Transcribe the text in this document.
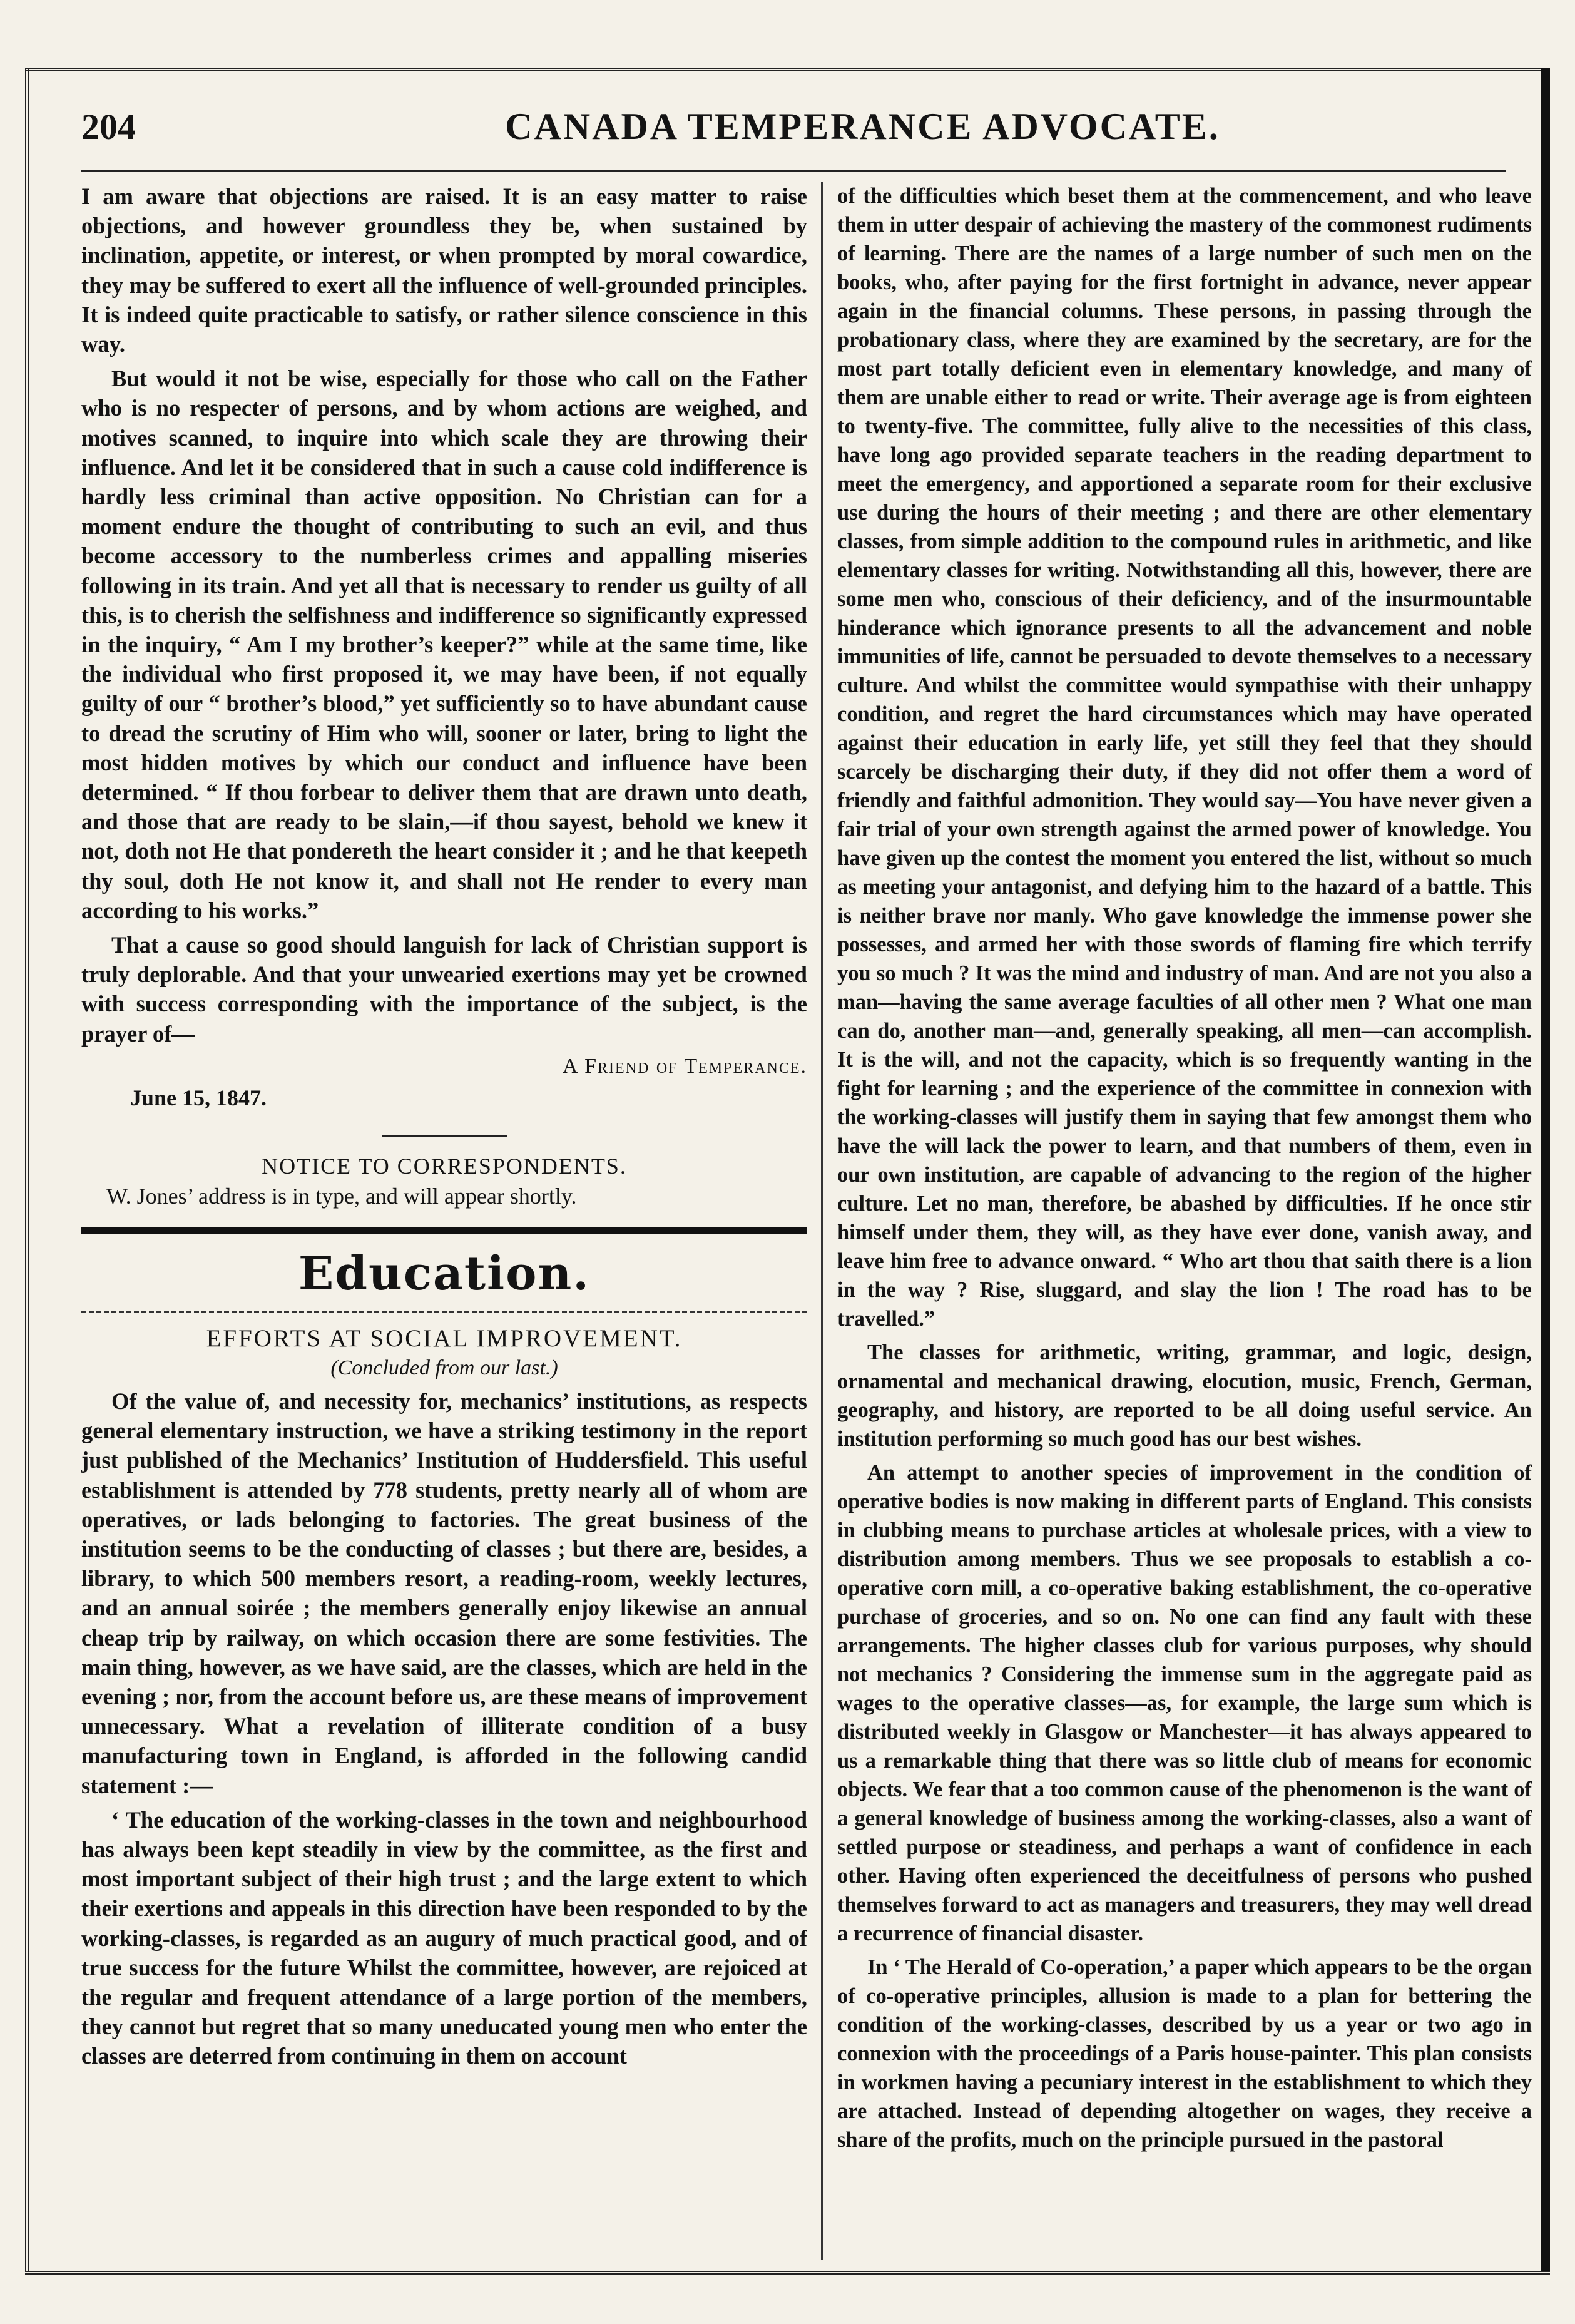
204	CANADA TEMPERANCE ADVOCATE.

I am aware that objections are raised. It is an easy matter to raise objections, and however groundless they be, when sustained by inclination, appetite, or interest, or when prompted by moral cowardice, they may be suffered to exert all the influence of well-grounded principles. It is indeed quite practicable to satisfy, or rather silence conscience in this way.

But would it not be wise, especially for those who call on the Father who is no respecter of persons, and by whom actions are weighed, and motives scanned, to inquire into which scale they are throwing their influence. And let it be considered that in such a cause cold indifference is hardly less criminal than active opposition. No Christian can for a moment endure the thought of contributing to such an evil, and thus become accessory to the numberless crimes and appalling miseries following in its train. And yet all that is necessary to render us guilty of all this, is to cherish the selfishness and indifference so significantly expressed in the inquiry, “ Am I my brother’s keeper?” while at the same time, like the individual who first proposed it, we may have been, if not equally guilty of our “ brother’s blood,” yet sufficiently so to have abundant cause to dread the scrutiny of Him who will, sooner or later, bring to light the most hidden motives by which our conduct and influence have been determined. “ If thou forbear to deliver them that are drawn unto death, and those that are ready to be slain,—if thou sayest, behold we knew it not, doth not He that pondereth the heart consider it ; and he that keepeth thy soul, doth He not know it, and shall not He render to every man according to his works.”

That a cause so good should languish for lack of Christian support is truly deplorable. And that your unwearied exertions may yet be crowned with success corresponding with the importance of the subject, is the prayer of—

A Friend of Temperance.
June 15, 1847.
NOTICE TO CORRESPONDENTS.
W. Jones’ address is in type, and will appear shortly.
Education.
EFFORTS AT SOCIAL IMPROVEMENT.
(Concluded from our last.)

Of the value of, and necessity for, mechanics’ institutions, as respects general elementary instruction, we have a striking testimony in the report just published of the Mechanics’ Institution of Huddersfield. This useful establishment is attended by 778 students, pretty nearly all of whom are operatives, or lads belonging to factories. The great business of the institution seems to be the conducting of classes ; but there are, besides, a library, to which 500 members resort, a reading-room, weekly lectures, and an annual soirée ; the members generally enjoy likewise an annual cheap trip by railway, on which occasion there are some festivities. The main thing, however, as we have said, are the classes, which are held in the evening ; nor, from the account before us, are these means of improvement unnecessary. What a revelation of illiterate condition of a busy manufacturing town in England, is afforded in the following candid statement :—

‘ The education of the working-classes in the town and neighbourhood has always been kept steadily in view by the committee, as the first and most important subject of their high trust ; and the large extent to which their exertions and appeals in this direction have been responded to by the working-classes, is regarded as an augury of much practical good, and of true success for the future Whilst the committee, however, are rejoiced at the regular and frequent attendance of a large portion of the members, they cannot but regret that so many uneducated young men who enter the classes are deterred from continuing in them on account

of the difficulties which beset them at the commencement, and who leave them in utter despair of achieving the mastery of the commonest rudiments of learning. There are the names of a large number of such men on the books, who, after paying for the first fortnight in advance, never appear again in the financial columns. These persons, in passing through the probationary class, where they are examined by the secretary, are for the most part totally deficient even in elementary knowledge, and many of them are unable either to read or write. Their average age is from eighteen to twenty-five. The committee, fully alive to the necessities of this class, have long ago provided separate teachers in the reading department to meet the emergency, and apportioned a separate room for their exclusive use during the hours of their meeting ; and there are other elementary classes, from simple addition to the compound rules in arithmetic, and like elementary classes for writing. Notwithstanding all this, however, there are some men who, conscious of their deficiency, and of the insurmountable hinderance which ignorance presents to all the advancement and noble immunities of life, cannot be persuaded to devote themselves to a necessary culture. And whilst the committee would sympathise with their unhappy condition, and regret the hard circumstances which may have operated against their education in early life, yet still they feel that they should scarcely be discharging their duty, if they did not offer them a word of friendly and faithful admonition. They would say—You have never given a fair trial of your own strength against the armed power of knowledge. You have given up the contest the moment you entered the list, without so much as meeting your antagonist, and defying him to the hazard of a battle. This is neither brave nor manly. Who gave knowledge the immense power she possesses, and armed her with those swords of flaming fire which terrify you so much ? It was the mind and industry of man. And are not you also a man—having the same average faculties of all other men ? What one man can do, another man—and, generally speaking, all men—can accomplish. It is the will, and not the capacity, which is so frequently wanting in the fight for learning ; and the experience of the committee in connexion with the working-classes will justify them in saying that few amongst them who have the will lack the power to learn, and that numbers of them, even in our own institution, are capable of advancing to the region of the higher culture. Let no man, therefore, be abashed by difficulties. If he once stir himself under them, they will, as they have ever done, vanish away, and leave him free to advance onward. “ Who art thou that saith there is a lion in the way ? Rise, sluggard, and slay the lion ! The road has to be travelled.”

The classes for arithmetic, writing, grammar, and logic, design, ornamental and mechanical drawing, elocution, music, French, German, geography, and history, are reported to be all doing useful service. An institution performing so much good has our best wishes.

An attempt to another species of improvement in the condition of operative bodies is now making in different parts of England. This consists in clubbing means to purchase articles at wholesale prices, with a view to distribution among members. Thus we see proposals to establish a co-operative corn mill, a co-operative baking establishment, the co-operative purchase of groceries, and so on. No one can find any fault with these arrangements. The higher classes club for various purposes, why should not mechanics ? Considering the immense sum in the aggregate paid as wages to the operative classes—as, for example, the large sum which is distributed weekly in Glasgow or Manchester—it has always appeared to us a remarkable thing that there was so little club of means for economic objects. We fear that a too common cause of the phenomenon is the want of a general knowledge of business among the working-classes, also a want of settled purpose or steadiness, and perhaps a want of confidence in each other. Having often experienced the deceitfulness of persons who pushed themselves forward to act as managers and treasurers, they may well dread a recurrence of financial disaster.

In ‘ The Herald of Co-operation,’ a paper which appears to be the organ of co-operative principles, allusion is made to a plan for bettering the condition of the working-classes, described by us a year or two ago in connexion with the proceedings of a Paris house-painter. This plan consists in workmen having a pecuniary interest in the establishment to which they are attached. Instead of depending altogether on wages, they receive a share of the profits, much on the principle pursued in the pastoral
